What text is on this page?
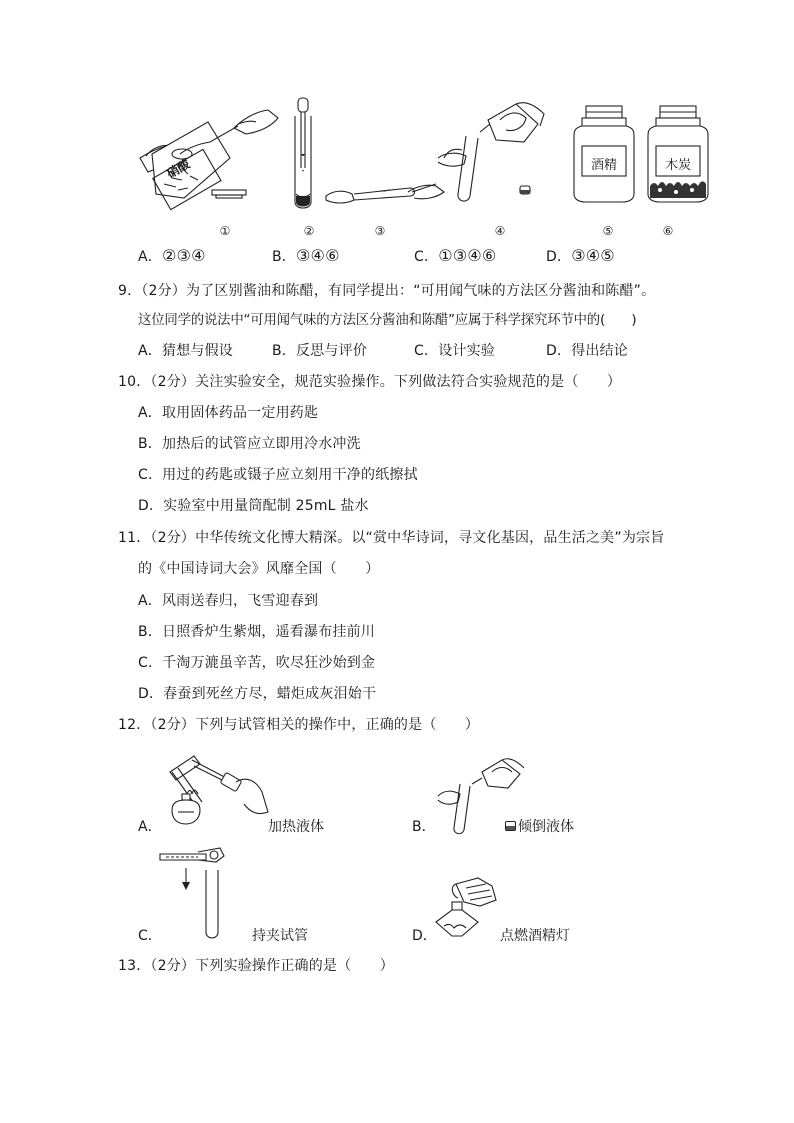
硝酸	酒精	木炭
①	②	③	④	⑤	⑥
A．②③④	B．③④⑥	C．①③④⑥	D．③④⑤
9．（2分）为了区别酱油和陈醋，有同学提出：“可用闻气味的方法区分酱油和陈醋”。
这位同学的说法中“可用闻气味的方法区分酱油和陈醋”应属于科学探究环节中的(　　)
A．猜想与假设	B．反思与评价	C．设计实验	D．得出结论
10．（2分）关注实验安全，规范实验操作。下列做法符合实验规范的是（　　）
A．取用固体药品一定用药匙
B．加热后的试管应立即用冷水冲洗
C．用过的药匙或镊子应立刻用干净的纸擦拭
D．实验室中用量筒配制 25mL 盐水
11．（2分）中华传统文化博大精深。以“赏中华诗词，寻文化基因，品生活之美”为宗旨
的《中国诗词大会》风靡全国（　　）
A．风雨送春归，飞雪迎春到
B．日照香炉生紫烟，遥看瀑布挂前川
C．千淘万漉虽辛苦，吹尽狂沙始到金
D．春蚕到死丝方尽，蜡炬成灰泪始干
12．（2分）下列与试管相关的操作中，正确的是（　　）
A．	加热液体	B．	倾倒液体
C．	持夹试管	D．	点燃酒精灯
13．（2分）下列实验操作正确的是（　　）
